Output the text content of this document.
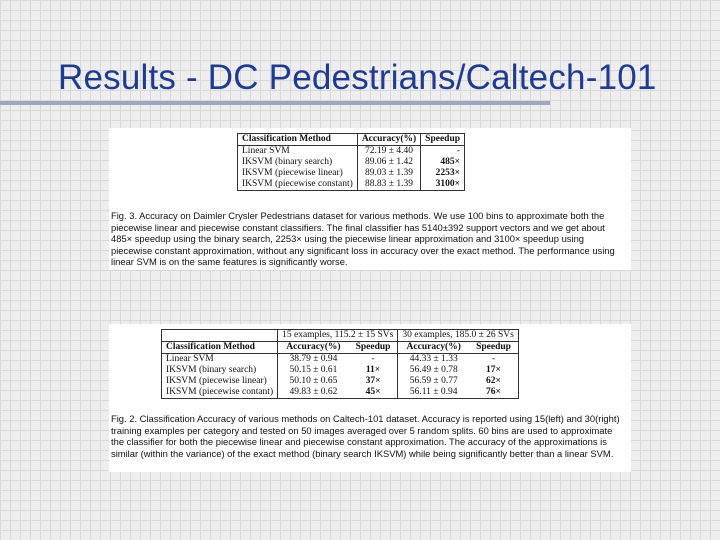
Results - DC Pedestrians/Caltech-101
Classification Method	Accuracy(%)	Speedup
Linear SVM	72.19 ± 4.40	-
IKSVM (binary search)	89.06 ± 1.42	485×
IKSVM (piecewise linear)	89.03 ± 1.39	2253×
IKSVM (piecewise constant)	88.83 ± 1.39	3100×
Fig. 3. Accuracy on Daimler Crysler Pedestrians dataset for various methods. We use 100 bins to approximate both the piecewise linear and piecewise constant classifiers. The final classifier has 5140±392 support vectors and we get about 485× speedup using the binary search, 2253× using the piecewise linear approximation and 3100× speedup using piecewise constant approximation, without any significant loss in accuracy over the exact method. The performance using linear SVM is on the same features is significantly worse.
	15 examples, 115.2 ± 15 SVs		30 examples, 185.0 ± 26 SVs	
Classification Method	Accuracy(%)	Speedup	Accuracy(%)	Speedup
Linear SVM	38.79 ± 0.94	-	44.33 ± 1.33	-
IKSVM (binary search)	50.15 ± 0.61	11×	56.49 ± 0.78	17×
IKSVM (piecewise linear)	50.10 ± 0.65	37×	56.59 ± 0.77	62×
IKSVM (piecewise contant)	49.83 ± 0.62	45×	56.11 ± 0.94	76×
Fig. 2. Classification Accuracy of various methods on Caltech-101 dataset. Accuracy is reported using 15(left) and 30(right) training examples per category and tested on 50 images averaged over 5 random splits. 60 bins are used to approximate the classifier for both the piecewise linear and piecewise constant approximation. The accuracy of the approximations is similar (within the variance) of the exact method (binary search IKSVM) while being significantly better than a linear SVM.
